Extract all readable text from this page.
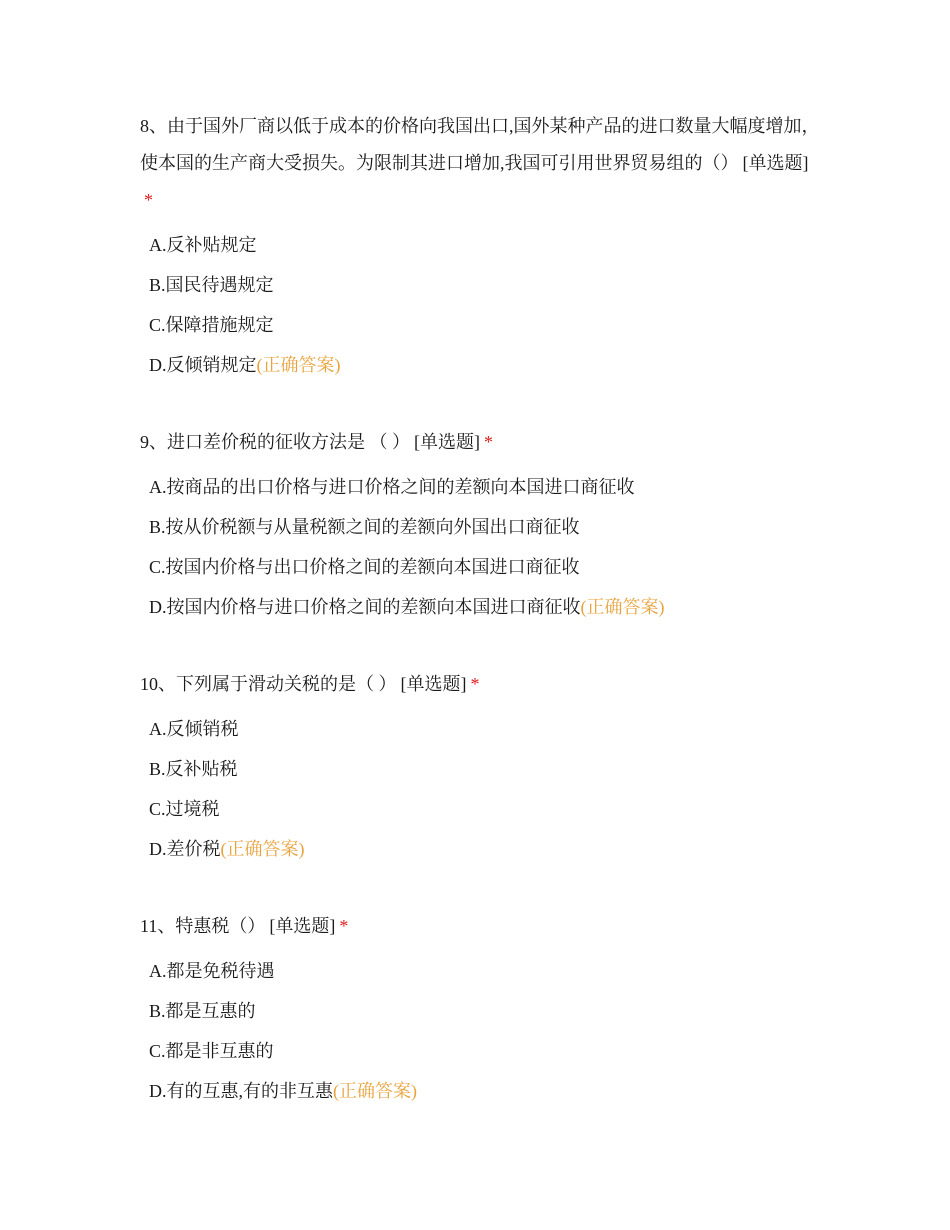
8、由于国外厂商以低于成本的价格向我国出口,国外某种产品的进口数量大幅度增加，使本国的生产商大受损失。为限制其进口增加,我国可引用世界贸易组的（） [单选题]*

A.反补贴规定
B.国民待遇规定
C.保障措施规定
D.反倾销规定(正确答案)

9、进口差价税的征收方法是 （ ） [单选题] *

A.按商品的出口价格与进口价格之间的差额向本国进口商征收
B.按从价税额与从量税额之间的差额向外国出口商征收
C.按国内价格与出口价格之间的差额向本国进口商征收
D.按国内价格与进口价格之间的差额向本国进口商征收(正确答案)

10、下列属于滑动关税的是（ ） [单选题] *

A.反倾销税
B.反补贴税
C.过境税
D.差价税(正确答案)

11、特惠税（） [单选题] *

A.都是免税待遇
B.都是互惠的
C.都是非互惠的
D.有的互惠,有的非互惠(正确答案)
